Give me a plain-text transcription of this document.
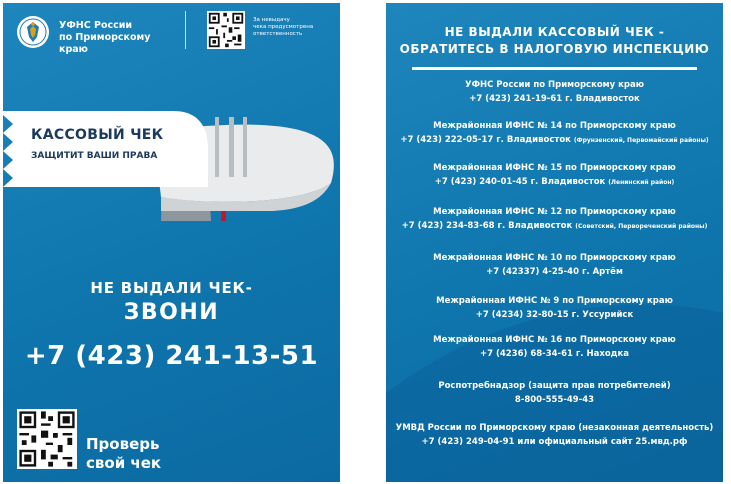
УФНС России
по Приморскому краю
За невыдачу
чека предусмотрена
ответственность
КАССОВЫЙ ЧЕК
ЗАЩИТИТ ВАШИ ПРАВА
НЕ ВЫДАЛИ ЧЕК-
ЗВОНИ
+7 (423) 241-13-51
Проверь
свой чек
НЕ ВЫДАЛИ КАССОВЫЙ ЧЕК -
ОБРАТИТЕСЬ В НАЛОГОВУЮ ИНСПЕКЦИЮ
УФНС России по Приморскому краю
+7 (423) 241-19-61 г. Владивосток
Межрайонная ИФНС № 14 по Приморскому краю
+7 (423) 222-05-17 г. Владивосток (Фрунзенский, Первомайский районы)
Межрайонная ИФНС № 15 по Приморскому краю
+7 (423) 240-01-45 г. Владивосток (Ленинский район)
Межрайонная ИФНС № 12 по Приморскому краю
+7 (423) 234-83-68 г. Владивосток (Советский, Первореченский районы)
Межрайонная ИФНС № 10 по Приморскому краю
+7 (42337) 4-25-40 г. Артём
Межрайонная ИФНС № 9 по Приморскому краю
+7 (4234) 32-80-15 г. Уссурийск
Межрайонная ИФНС № 16 по Приморскому краю
+7 (4236) 68-34-61 г. Находка
Роспотребнадзор (защита прав потребителей)
8-800-555-49-43
УМВД России по Приморскому краю (незаконная деятельность)
+7 (423) 249-04-91 или официальный сайт 25.мвд.рф
